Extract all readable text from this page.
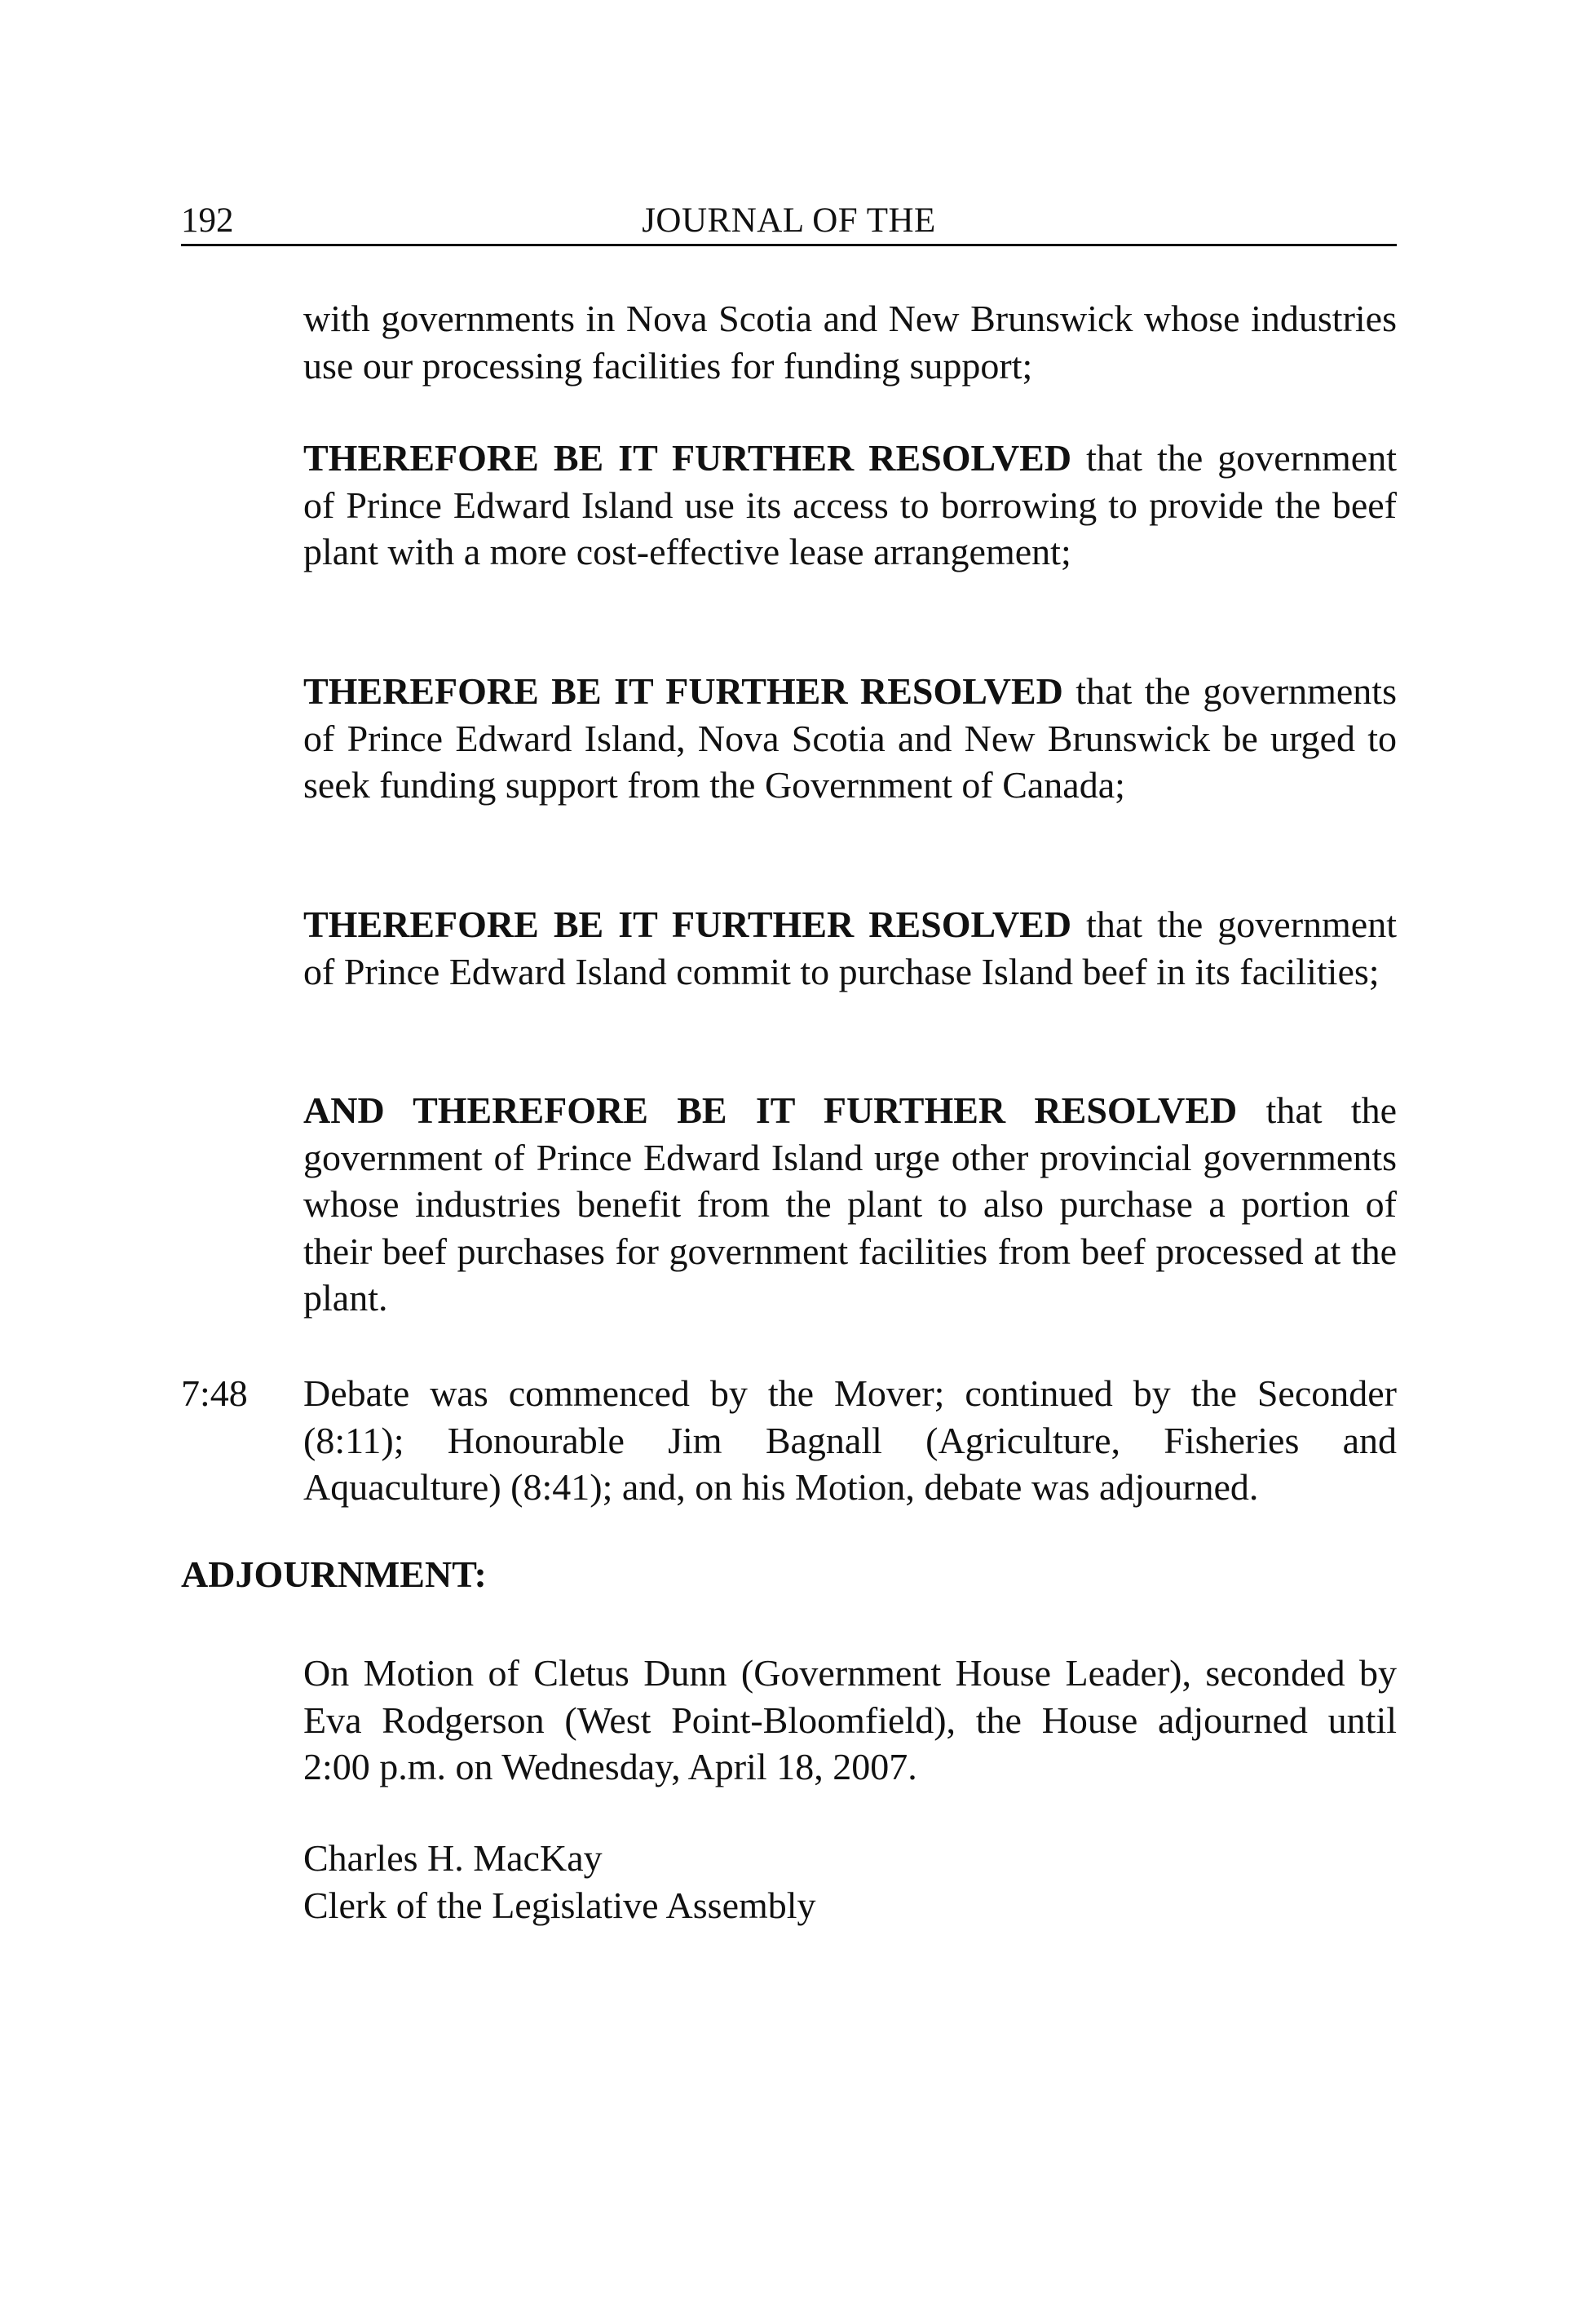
192	JOURNAL OF THE

with governments in Nova Scotia and New Brunswick whose industries use our processing facilities for funding support;

THEREFORE BE IT FURTHER RESOLVED that the government of Prince Edward Island use its access to borrowing to provide the beef plant with a more cost-effective lease arrangement;

THEREFORE BE IT FURTHER RESOLVED that the governments of Prince Edward Island, Nova Scotia and New Brunswick be urged to seek funding support from the Government of Canada;

THEREFORE BE IT FURTHER RESOLVED that the government of Prince Edward Island commit to purchase Island beef in its facilities;

AND THEREFORE BE IT FURTHER RESOLVED that the government of Prince Edward Island urge other provincial governments whose industries benefit from the plant to also purchase a portion of their beef purchases for government facilities from beef processed at the plant.

7:48 Debate was commenced by the Mover; continued by the Seconder (8:11); Honourable Jim Bagnall (Agriculture, Fisheries and Aquaculture) (8:41); and, on his Motion, debate was adjourned.

ADJOURNMENT:

On Motion of Cletus Dunn (Government House Leader), seconded by Eva Rodgerson (West Point-Bloomfield), the House adjourned until 2:00 p.m. on Wednesday, April 18, 2007.

Charles H. MacKay
Clerk of the Legislative Assembly
